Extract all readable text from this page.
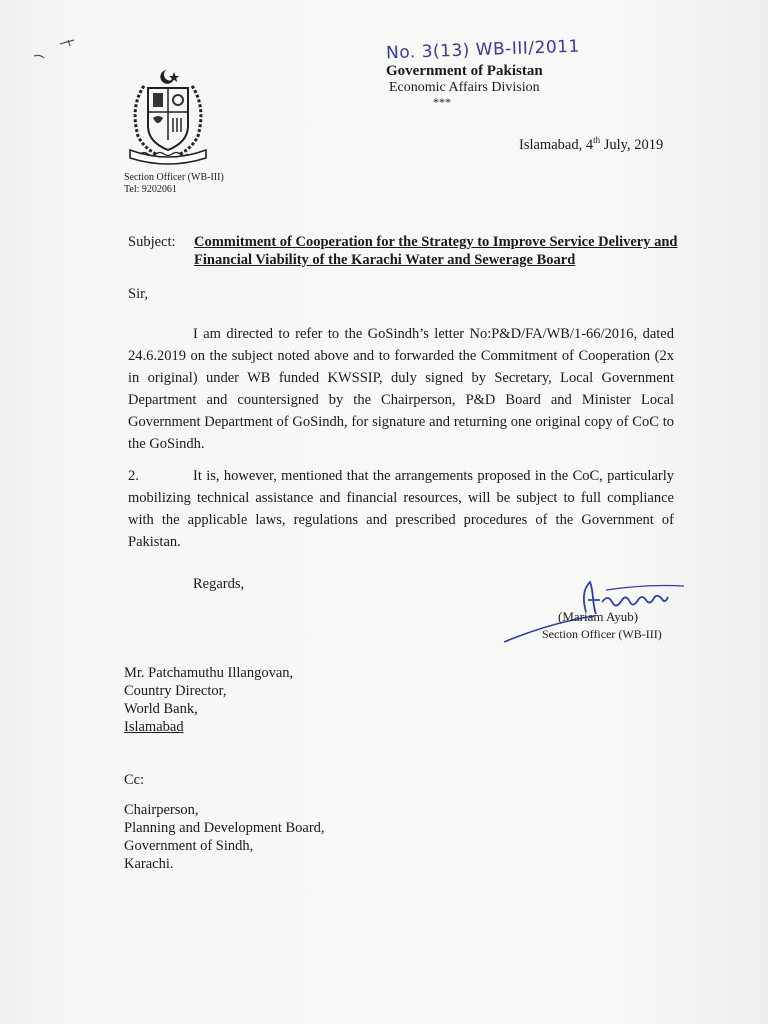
No. 3(13) WB-III/2011
Government of Pakistan
Economic Affairs Division
***
Islamabad, 4th July, 2019
Section Officer (WB-III)
Tel: 9202061
Subject: Commitment of Cooperation for the Strategy to Improve Service Delivery and Financial Viability of the Karachi Water and Sewerage Board
Sir,
I am directed to refer to the GoSindh’s letter No:P&D/FA/WB/1-66/2016, dated 24.6.2019 on the subject noted above and to forwarded the Commitment of Cooperation (2x in original) under WB funded KWSSIP, duly signed by Secretary, Local Government Department and countersigned by the Chairperson, P&D Board and Minister Local Government Department of GoSindh, for signature and returning one original copy of CoC to the GoSindh.
2.	It is, however, mentioned that the arrangements proposed in the CoC, particularly mobilizing technical assistance and financial resources, will be subject to full compliance with the applicable laws, regulations and prescribed procedures of the Government of Pakistan.
Regards,
(Mariam Ayub)
Section Officer (WB-III)
Mr. Patchamuthu Illangovan,
Country Director,
World Bank,
Islamabad
Cc:
Chairperson,
Planning and Development Board,
Government of Sindh,
Karachi.
